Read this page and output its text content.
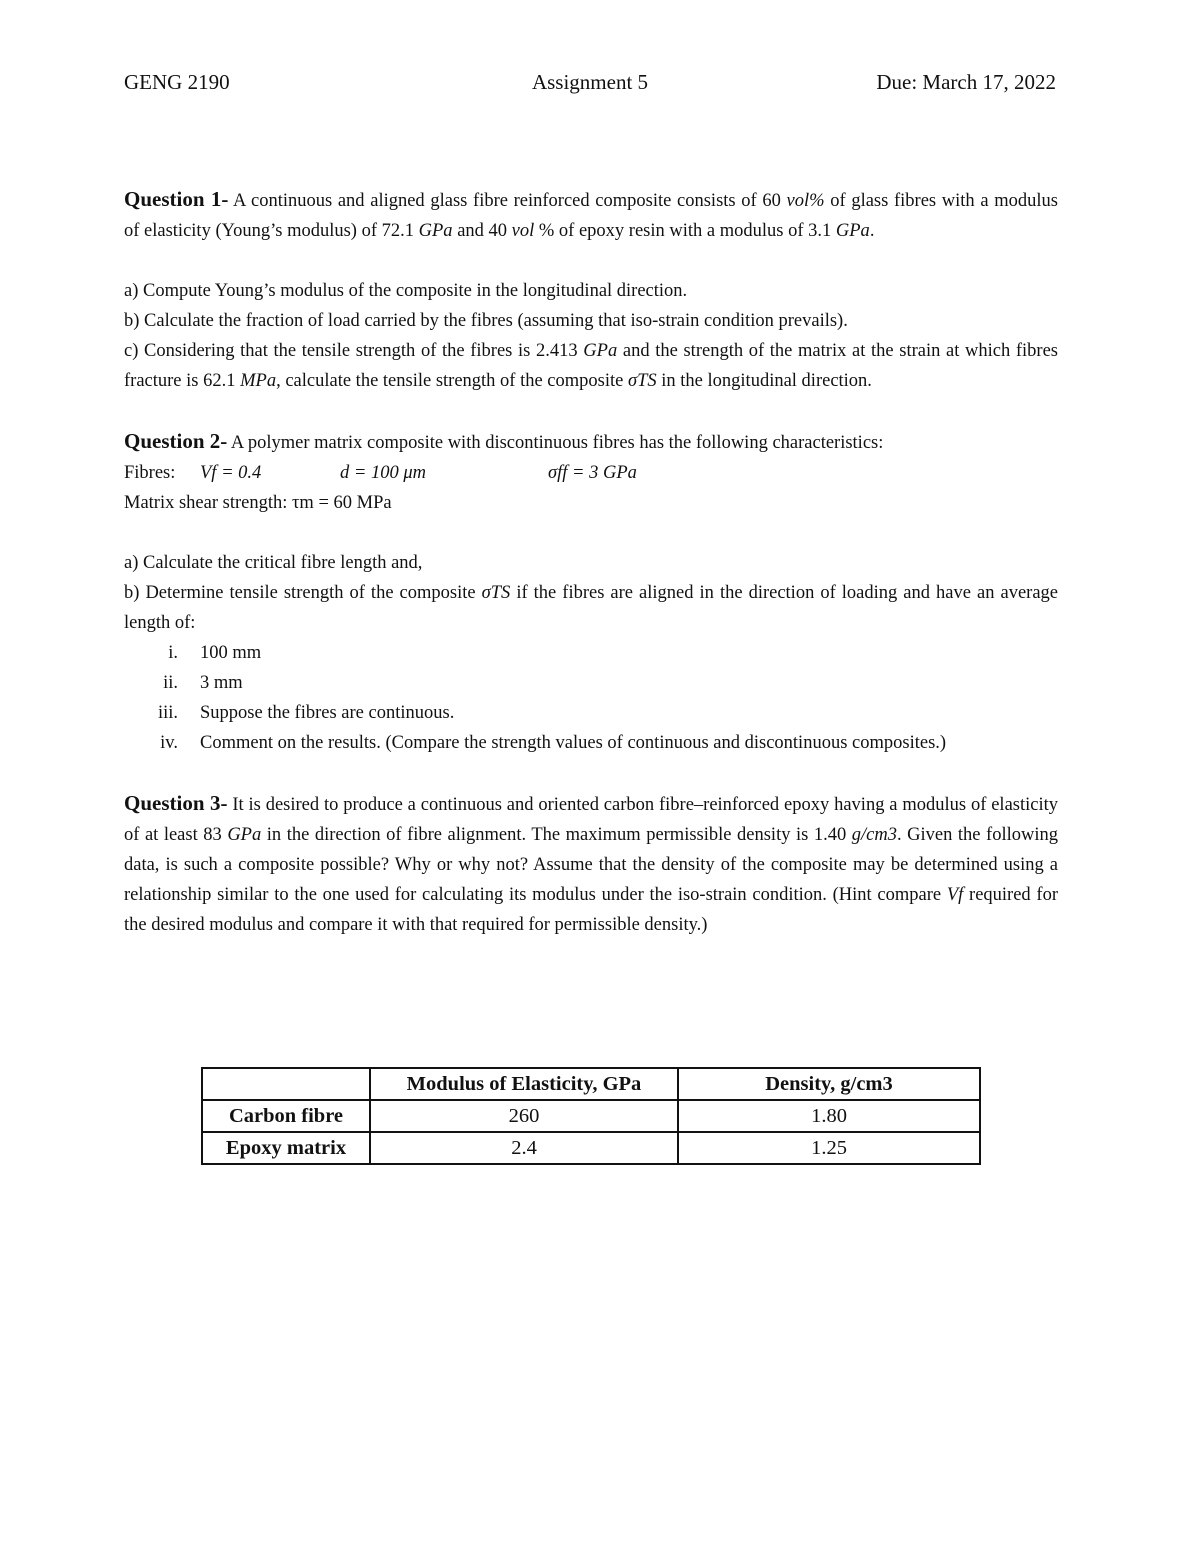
GENG 2190	Assignment 5	Due: March 17, 2022

Question 1- A continuous and aligned glass fibre reinforced composite consists of 60 vol% of glass fibres with a modulus of elasticity (Young’s modulus) of 72.1 GPa and 40 vol % of epoxy resin with a modulus of 3.1 GPa.

a) Compute Young’s modulus of the composite in the longitudinal direction.

b) Calculate the fraction of load carried by the fibres (assuming that iso-strain condition prevails).

c) Considering that the tensile strength of the fibres is 2.413 GPa and the strength of the matrix at the strain at which fibres fracture is 62.1 MPa, calculate the tensile strength of the composite σTS in the longitudinal direction.

Question 2- A polymer matrix composite with discontinuous fibres has the following characteristics:

Fibres: Vf = 0.4	d = 100 μm	σff = 3 GPa

Matrix shear strength: τm = 60 MPa

a) Calculate the critical fibre length and,

b) Determine tensile strength of the composite σTS if the fibres are aligned in the direction of loading and have an average length of:

i. 100 mm
ii. 3 mm
iii. Suppose the fibres are continuous.
iv. Comment on the results. (Compare the strength values of continuous and discontinuous composites.)

Question 3- It is desired to produce a continuous and oriented carbon fibre–reinforced epoxy having a modulus of elasticity of at least 83 GPa in the direction of fibre alignment. The maximum permissible density is 1.40 g/cm3. Given the following data, is such a composite possible? Why or why not? Assume that the density of the composite may be determined using a relationship similar to the one used for calculating its modulus under the iso-strain condition. (Hint compare Vf required for the desired modulus and compare it with that required for permissible density.)

	Modulus of Elasticity, GPa	Density, g/cm3
Carbon fibre	260	1.80
Epoxy matrix	2.4	1.25
